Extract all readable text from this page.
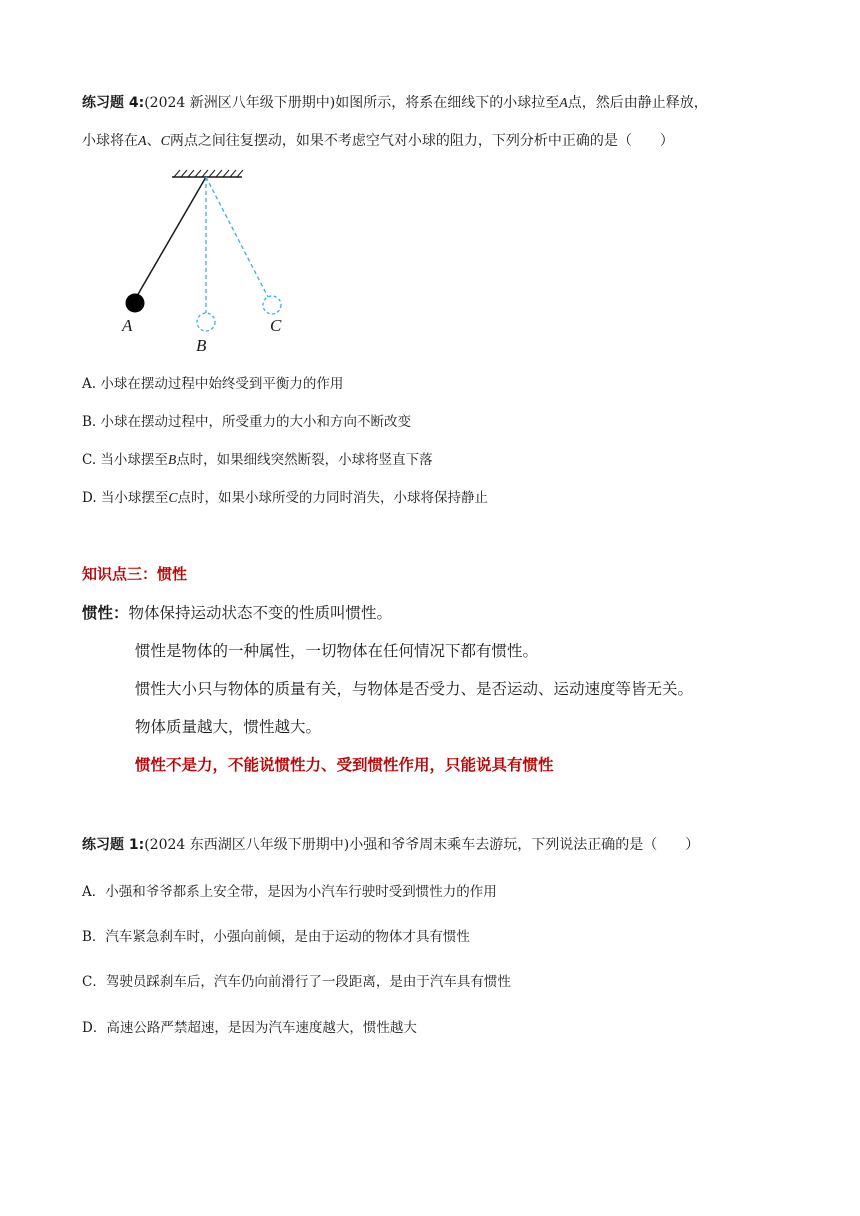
练习题 4:(2024 新洲区八年级下册期中)如图所示，将系在细线下的小球拉至A点，然后由静止释放，
小球将在A、C两点之间往复摆动，如果不考虑空气对小球的阻力，下列分析中正确的是（　　）
A
B
C
A. 小球在摆动过程中始终受到平衡力的作用
B. 小球在摆动过程中，所受重力的大小和方向不断改变
C. 当小球摆至B点时，如果细线突然断裂，小球将竖直下落
D. 当小球摆至C点时，如果小球所受的力同时消失，小球将保持静止
知识点三：惯性
惯性：物体保持运动状态不变的性质叫惯性。
惯性是物体的一种属性，一切物体在任何情况下都有惯性。
惯性大小只与物体的质量有关，与物体是否受力、是否运动、运动速度等皆无关。
物体质量越大，惯性越大。
惯性不是力，不能说惯性力、受到惯性作用，只能说具有惯性
练习题 1:(2024 东西湖区八年级下册期中)小强和爷爷周末乘车去游玩，下列说法正确的是（　　）
A．小强和爷爷都系上安全带，是因为小汽车行驶时受到惯性力的作用
B．汽车紧急刹车时，小强向前倾，是由于运动的物体才具有惯性
C．驾驶员踩刹车后，汽车仍向前滑行了一段距离，是由于汽车具有惯性
D．高速公路严禁超速，是因为汽车速度越大，惯性越大
